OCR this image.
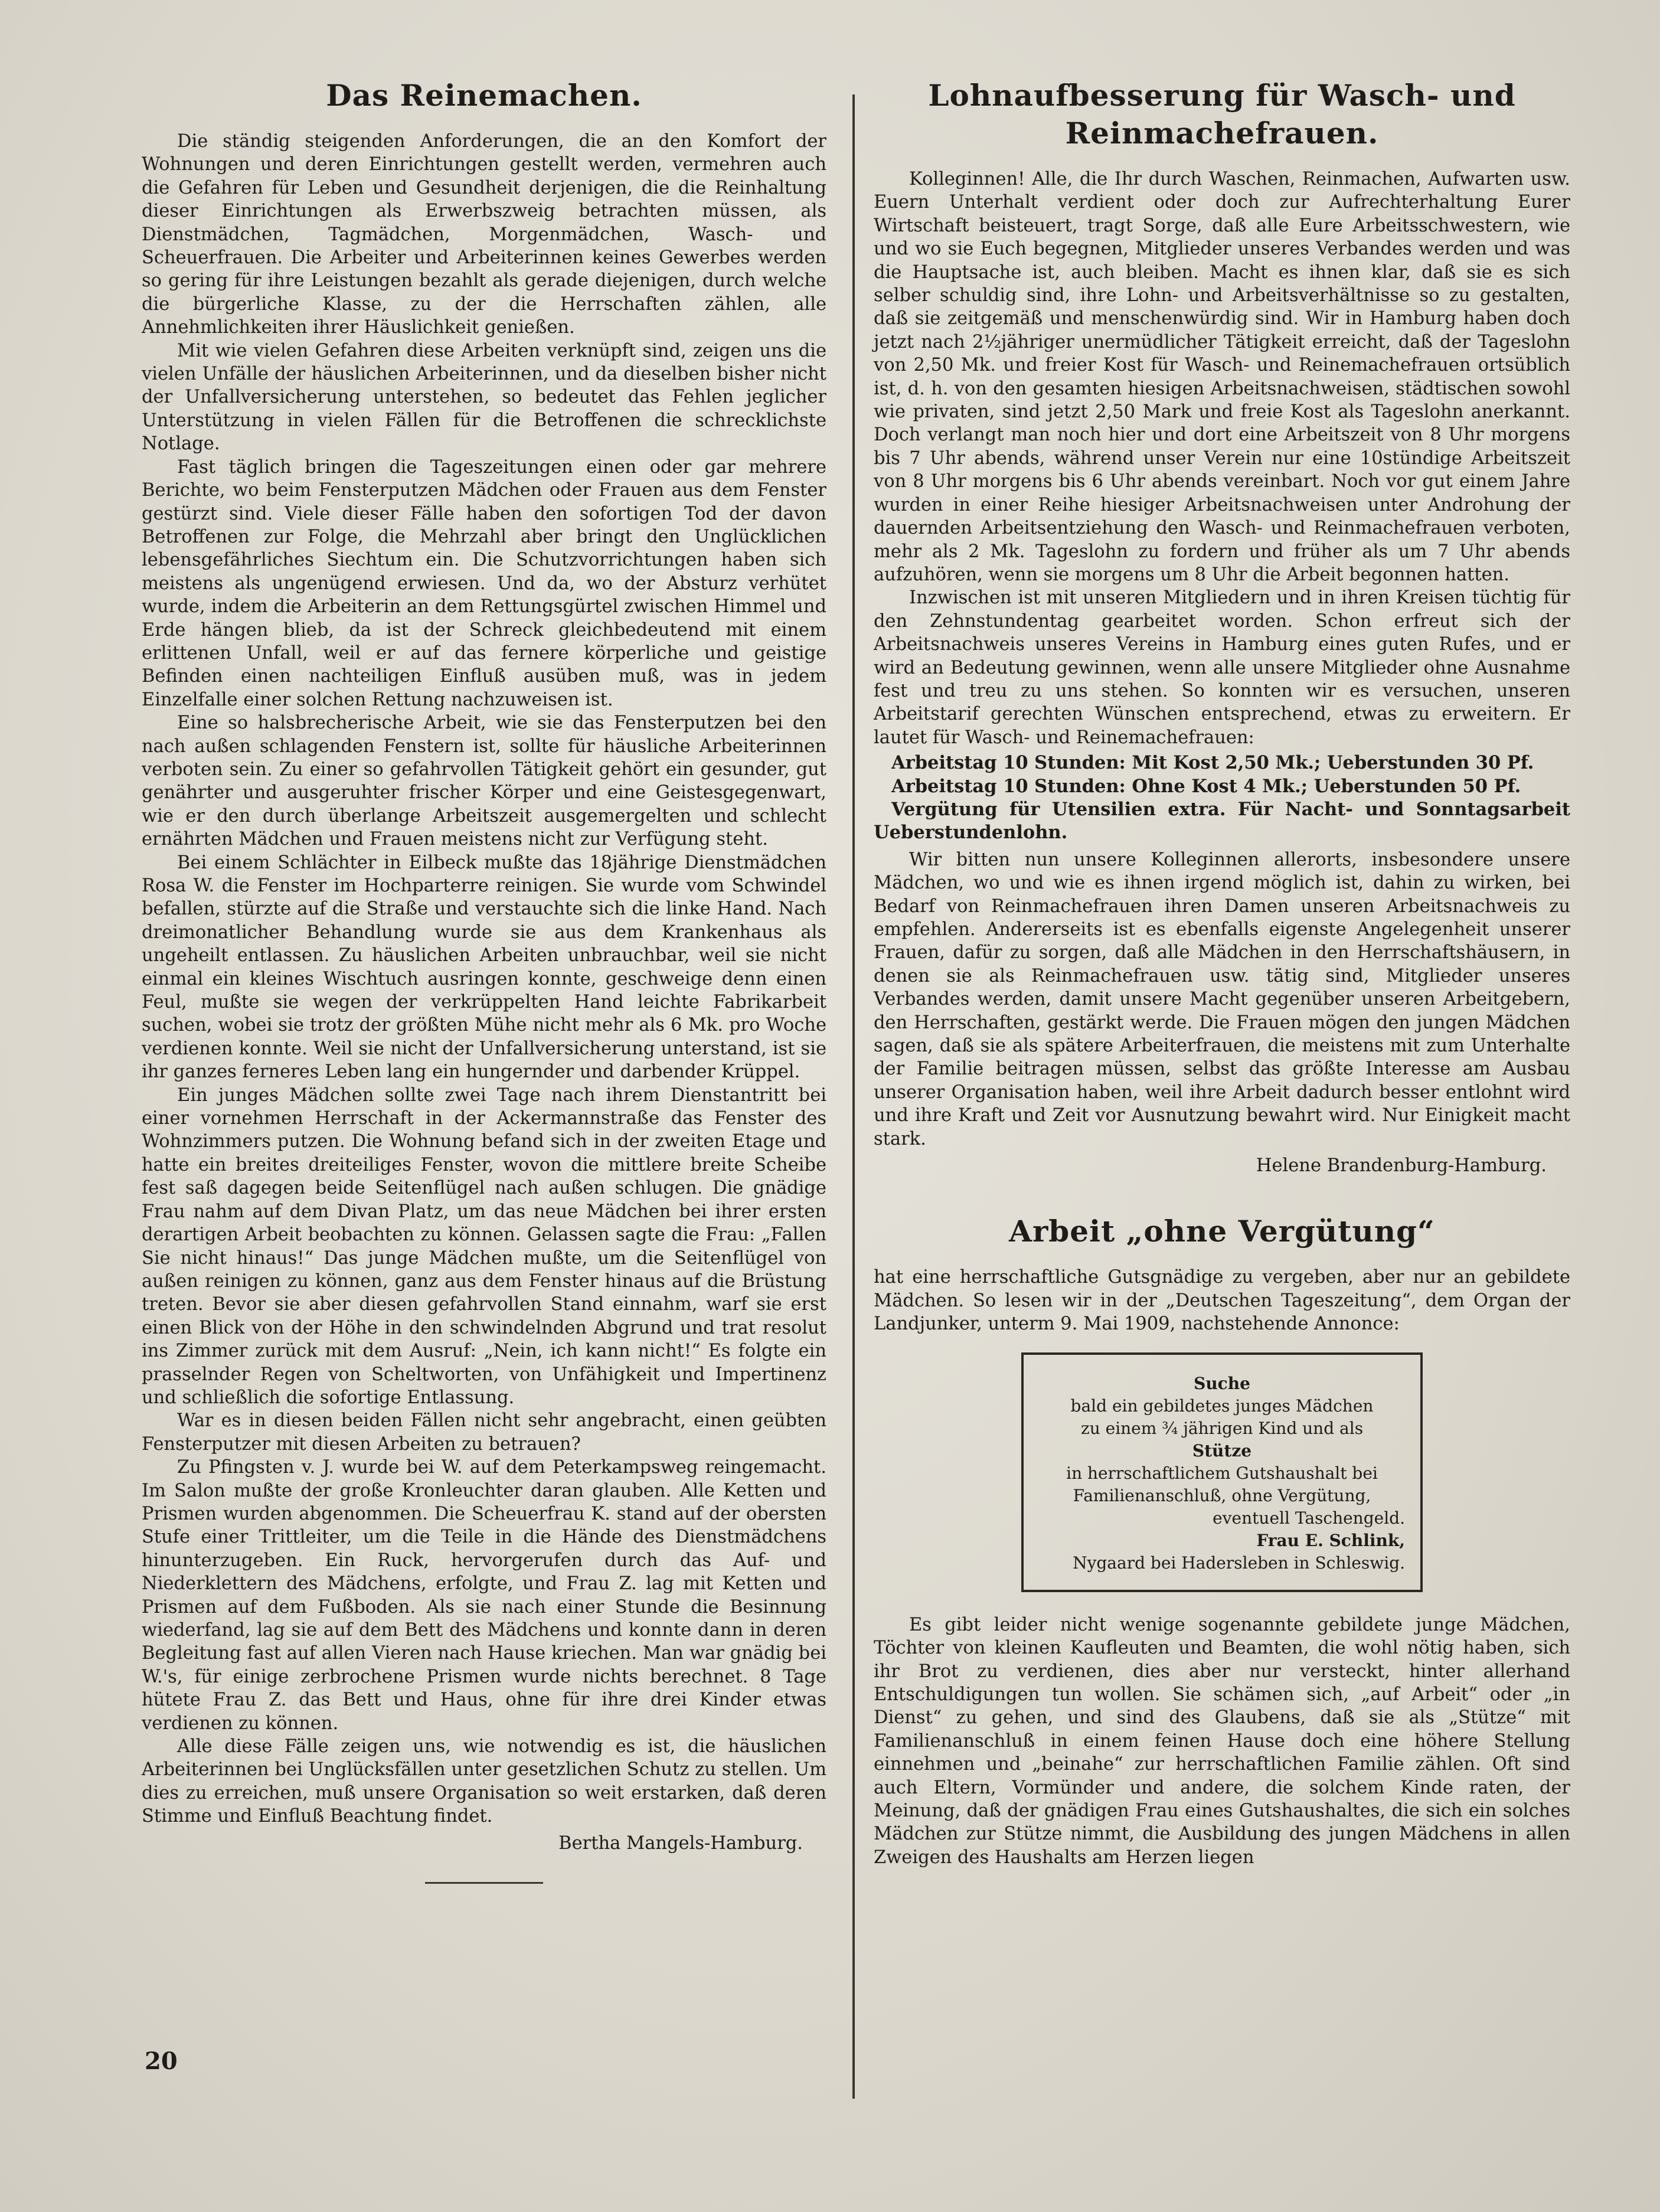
Das Reinemachen.

Die ständig steigenden Anforderungen, die an den Komfort der Wohnungen und deren Einrichtungen gestellt werden, vermehren auch die Gefahren für Leben und Gesundheit derjenigen, die die Reinhaltung dieser Einrichtungen als Erwerbszweig betrachten müssen, als Dienstmädchen, Tagmädchen, Morgenmädchen, Wasch- und Scheuerfrauen. Die Arbeiter und Arbeiterinnen keines Gewerbes werden so gering für ihre Leistungen bezahlt als gerade diejenigen, durch welche die bürgerliche Klasse, zu der die Herrschaften zählen, alle Annehmlichkeiten ihrer Häuslichkeit genießen.

Mit wie vielen Gefahren diese Arbeiten verknüpft sind, zeigen uns die vielen Unfälle der häuslichen Arbeiterinnen, und da dieselben bisher nicht der Unfallversicherung unterstehen, so bedeutet das Fehlen jeglicher Unterstützung in vielen Fällen für die Betroffenen die schrecklichste Notlage.

Fast täglich bringen die Tageszeitungen einen oder gar mehrere Berichte, wo beim Fensterputzen Mädchen oder Frauen aus dem Fenster gestürzt sind. Viele dieser Fälle haben den sofortigen Tod der davon Betroffenen zur Folge, die Mehrzahl aber bringt den Unglücklichen lebensgefährliches Siechtum ein. Die Schutzvorrichtungen haben sich meistens als ungenügend erwiesen. Und da, wo der Absturz verhütet wurde, indem die Arbeiterin an dem Rettungsgürtel zwischen Himmel und Erde hängen blieb, da ist der Schreck gleichbedeutend mit einem erlittenen Unfall, weil er auf das fernere körperliche und geistige Befinden einen nachteiligen Einfluß ausüben muß, was in jedem Einzelfalle einer solchen Rettung nachzuweisen ist.

Eine so halsbrecherische Arbeit, wie sie das Fensterputzen bei den nach außen schlagenden Fenstern ist, sollte für häusliche Arbeiterinnen verboten sein. Zu einer so gefahrvollen Tätigkeit gehört ein gesunder, gut genährter und ausgeruhter frischer Körper und eine Geistesgegenwart, wie er den durch überlange Arbeitszeit ausgemergelten und schlecht ernährten Mädchen und Frauen meistens nicht zur Verfügung steht.

Bei einem Schlächter in Eilbeck mußte das 18jährige Dienstmädchen Rosa W. die Fenster im Hochparterre reinigen. Sie wurde vom Schwindel befallen, stürzte auf die Straße und verstauchte sich die linke Hand. Nach dreimonatlicher Behandlung wurde sie aus dem Krankenhaus als ungeheilt entlassen. Zu häuslichen Arbeiten unbrauchbar, weil sie nicht einmal ein kleines Wischtuch ausringen konnte, geschweige denn einen Feul, mußte sie wegen der verkrüppelten Hand leichte Fabrikarbeit suchen, wobei sie trotz der größten Mühe nicht mehr als 6 Mk. pro Woche verdienen konnte. Weil sie nicht der Unfallversicherung unterstand, ist sie ihr ganzes ferneres Leben lang ein hungernder und darbender Krüppel.

Ein junges Mädchen sollte zwei Tage nach ihrem Dienstantritt bei einer vornehmen Herrschaft in der Ackermannstraße das Fenster des Wohnzimmers putzen. Die Wohnung befand sich in der zweiten Etage und hatte ein breites dreiteiliges Fenster, wovon die mittlere breite Scheibe fest saß dagegen beide Seitenflügel nach außen schlugen. Die gnädige Frau nahm auf dem Divan Platz, um das neue Mädchen bei ihrer ersten derartigen Arbeit beobachten zu können. Gelassen sagte die Frau: „Fallen Sie nicht hinaus!“ Das junge Mädchen mußte, um die Seitenflügel von außen reinigen zu können, ganz aus dem Fenster hinaus auf die Brüstung treten. Bevor sie aber diesen gefahrvollen Stand einnahm, warf sie erst einen Blick von der Höhe in den schwindelnden Abgrund und trat resolut ins Zimmer zurück mit dem Ausruf: „Nein, ich kann nicht!“ Es folgte ein prasselnder Regen von Scheltworten, von Unfähigkeit und Impertinenz und schließlich die sofortige Entlassung.

War es in diesen beiden Fällen nicht sehr angebracht, einen geübten Fensterputzer mit diesen Arbeiten zu betrauen?

Zu Pfingsten v. J. wurde bei W. auf dem Peterkampsweg reingemacht. Im Salon mußte der große Kronleuchter daran glauben. Alle Ketten und Prismen wurden abgenommen. Die Scheuerfrau K. stand auf der obersten Stufe einer Trittleiter, um die Teile in die Hände des Dienstmädchens hinunterzugeben. Ein Ruck, hervorgerufen durch das Auf- und Niederklettern des Mädchens, erfolgte, und Frau Z. lag mit Ketten und Prismen auf dem Fußboden. Als sie nach einer Stunde die Besinnung wiederfand, lag sie auf dem Bett des Mädchens und konnte dann in deren Begleitung fast auf allen Vieren nach Hause kriechen. Man war gnädig bei W.'s, für einige zerbrochene Prismen wurde nichts berechnet. 8 Tage hütete Frau Z. das Bett und Haus, ohne für ihre drei Kinder etwas verdienen zu können.

Alle diese Fälle zeigen uns, wie notwendig es ist, die häuslichen Arbeiterinnen bei Unglücksfällen unter gesetzlichen Schutz zu stellen. Um dies zu erreichen, muß unsere Organisation so weit erstarken, daß deren Stimme und Einfluß Beachtung findet.

Bertha Mangels-Hamburg.

Lohnaufbesserung für Wasch- und Reinmachefrauen.

Kolleginnen! Alle, die Ihr durch Waschen, Reinmachen, Aufwarten usw. Euern Unterhalt verdient oder doch zur Aufrechterhaltung Eurer Wirtschaft beisteuert, tragt Sorge, daß alle Eure Arbeitsschwestern, wie und wo sie Euch begegnen, Mitglieder unseres Verbandes werden und was die Hauptsache ist, auch bleiben. Macht es ihnen klar, daß sie es sich selber schuldig sind, ihre Lohn- und Arbeitsverhältnisse so zu gestalten, daß sie zeitgemäß und menschenwürdig sind. Wir in Hamburg haben doch jetzt nach 2½jähriger unermüdlicher Tätigkeit erreicht, daß der Tageslohn von 2,50 Mk. und freier Kost für Wasch- und Reinemachefrauen ortsüblich ist, d. h. von den gesamten hiesigen Arbeitsnachweisen, städtischen sowohl wie privaten, sind jetzt 2,50 Mark und freie Kost als Tageslohn anerkannt. Doch verlangt man noch hier und dort eine Arbeitszeit von 8 Uhr morgens bis 7 Uhr abends, während unser Verein nur eine 10stündige Arbeitszeit von 8 Uhr morgens bis 6 Uhr abends vereinbart. Noch vor gut einem Jahre wurden in einer Reihe hiesiger Arbeitsnachweisen unter Androhung der dauernden Arbeitsentziehung den Wasch- und Reinmachefrauen verboten, mehr als 2 Mk. Tageslohn zu fordern und früher als um 7 Uhr abends aufzuhören, wenn sie morgens um 8 Uhr die Arbeit begonnen hatten.

Inzwischen ist mit unseren Mitgliedern und in ihren Kreisen tüchtig für den Zehnstundentag gearbeitet worden. Schon erfreut sich der Arbeitsnachweis unseres Vereins in Hamburg eines guten Rufes, und er wird an Bedeutung gewinnen, wenn alle unsere Mitglieder ohne Ausnahme fest und treu zu uns stehen. So konnten wir es versuchen, unseren Arbeitstarif gerechten Wünschen entsprechend, etwas zu erweitern. Er lautet für Wasch- und Reinemachefrauen:

Arbeitstag 10 Stunden: Mit Kost 2,50 Mk.; Ueberstunden 30 Pf.

Arbeitstag 10 Stunden: Ohne Kost 4 Mk.; Ueberstunden 50 Pf.

Vergütung für Utensilien extra. Für Nacht- und Sonntagsarbeit Ueberstundenlohn.

Wir bitten nun unsere Kolleginnen allerorts, insbesondere unsere Mädchen, wo und wie es ihnen irgend möglich ist, dahin zu wirken, bei Bedarf von Reinmachefrauen ihren Damen unseren Arbeitsnachweis zu empfehlen. Andererseits ist es ebenfalls eigenste Angelegenheit unserer Frauen, dafür zu sorgen, daß alle Mädchen in den Herrschaftshäusern, in denen sie als Reinmachefrauen usw. tätig sind, Mitglieder unseres Verbandes werden, damit unsere Macht gegenüber unseren Arbeitgebern, den Herrschaften, gestärkt werde. Die Frauen mögen den jungen Mädchen sagen, daß sie als spätere Arbeiterfrauen, die meistens mit zum Unterhalte der Familie beitragen müssen, selbst das größte Interesse am Ausbau unserer Organisation haben, weil ihre Arbeit dadurch besser entlohnt wird und ihre Kraft und Zeit vor Ausnutzung bewahrt wird. Nur Einigkeit macht stark.

Helene Brandenburg-Hamburg.

Arbeit „ohne Vergütung“

hat eine herrschaftliche Gutsgnädige zu vergeben, aber nur an gebildete Mädchen. So lesen wir in der „Deutschen Tageszeitung“, dem Organ der Landjunker, unterm 9. Mai 1909, nachstehende Annonce:

Suche
bald ein gebildetes junges Mädchen
zu einem ¾ jährigen Kind und als
Stütze
in herrschaftlichem Gutshaushalt bei
Familienanschluß, ohne Vergütung,
eventuell Taschengeld.
Frau E. Schlink,
Nygaard bei Hadersleben in Schleswig.

Es gibt leider nicht wenige sogenannte gebildete junge Mädchen, Töchter von kleinen Kaufleuten und Beamten, die wohl nötig haben, sich ihr Brot zu verdienen, dies aber nur versteckt, hinter allerhand Entschuldigungen tun wollen. Sie schämen sich, „auf Arbeit“ oder „in Dienst“ zu gehen, und sind des Glaubens, daß sie als „Stütze“ mit Familienanschluß in einem feinen Hause doch eine höhere Stellung einnehmen und „beinahe“ zur herrschaftlichen Familie zählen. Oft sind auch Eltern, Vormünder und andere, die solchem Kinde raten, der Meinung, daß der gnädigen Frau eines Gutshaushaltes, die sich ein solches Mädchen zur Stütze nimmt, die Ausbildung des jungen Mädchens in allen Zweigen des Haushalts am Herzen liegen

20
